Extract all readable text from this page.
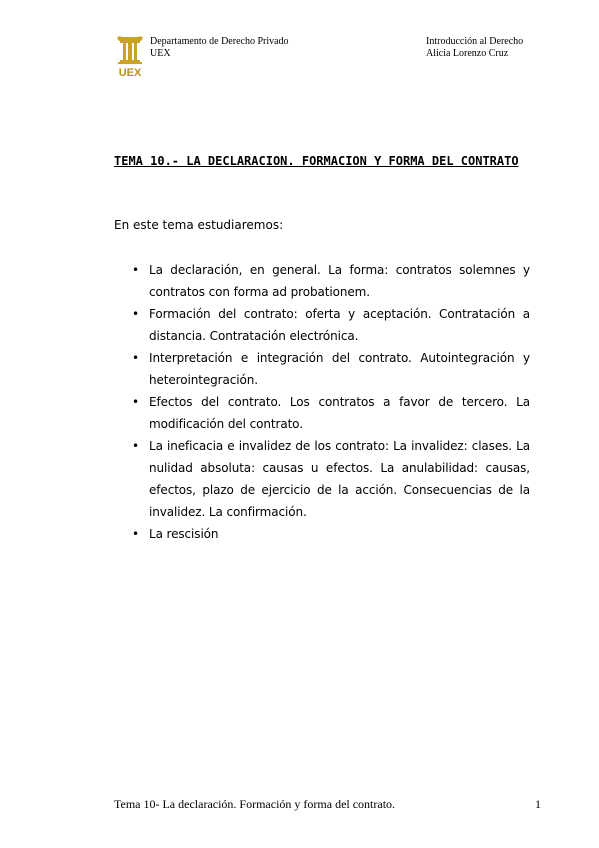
UEX
Departamento de Derecho Privado
UEX
Introducción al Derecho
Alicia Lorenzo Cruz
TEMA 10.- LA DECLARACION. FORMACION Y FORMA DEL CONTRATO
En este tema estudiaremos:
• La declaración, en general. La forma: contratos solemnes y contratos con forma ad probationem.
• Formación del contrato: oferta y aceptación. Contratación a distancia. Contratación electrónica.
• Interpretación e integración del contrato. Autointegración y heterointegración.
• Efectos del contrato. Los contratos a favor de tercero. La modificación del contrato.
• La ineficacia e invalidez de los contrato: La invalidez: clases. La nulidad absoluta: causas u efectos. La anulabilidad: causas, efectos, plazo de ejercicio de la acción. Consecuencias de la invalidez. La confirmación.
• La rescisión
Tema 10- La declaración. Formación y forma del contrato.	1
